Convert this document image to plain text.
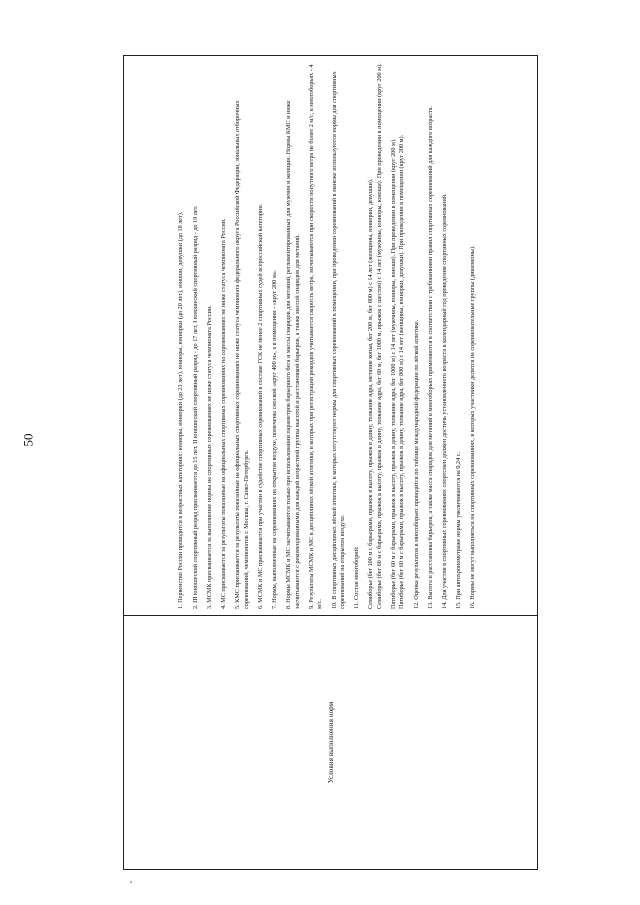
50
Условия выполнения норм	
1. Первенство России проводится в возрастных категориях: юниоры, юниорки (до 23 лет), юниоры, юниорки (до 20 лет), юноши, девушки (до 18 лет). 2. III юношеский спортивный разряд присваивается до 15 лет, II юношеский спортивный разряд - до 17 лет, I юношеский спортивный разряд - до 19 лет. 3. МСМК присваивается за выполнение нормы на спортивных соревнованиях не ниже статуса чемпионата России. 4. МС присваивается за результаты показанные на официальных спортивных соревнованиях на соревнованиях не ниже статуса чемпионата России. 5. КМС присваивается за результаты показанные на официальных спортивных соревнованиях не ниже статуса чемпионата федерального округа Российской Федерации, зональных отборочных соревнований, чемпионатов г. Москвы, г. Санкт-Петербурга. 6. МСМК и МС присваивается при участии в судействе спортивных соревнований в составе ГСК не менее 2 спортивных судей всероссийской категории. 7. Нормы, выполненные на соревнованиях на открытом воздухе, помечены сноской «круг 400 м», а в помещении - «круг 200 м». 8. Нормы МСМК и МС засчитываются только при использовании параметров барьерного бега и массы снарядов для метаний, регламентированных для мужчин и женщин. Нормы КМС и ниже засчитываются с рекомендованными для каждой возрастной группы высотой и расстановкой барьеров, а также массой снарядов для метаний. 9. Результаты МСМК и МС в дисциплинах лёгкой атлетики, в которых при регистрации рекордов учитывается скорость ветра, засчитываются при скорости попутного ветра не более 2 м/с, в многоборьях - 4 м/с. 10. В спортивных дисциплинах лёгкой атлетики, в которых отсутствуют нормы для спортивных соревнований в помещении, при проведении соревнований в манеже используются нормы для спортивных соревнований на открытом воздухе. 11. Состав многоборий: Семиборье (бег 100 м с барьерами, прыжок в высоту, прыжок в длину, толкание ядра, метание копья, бег 200 м, бег 800 м) с 14 лет (женщины, юниорки, девушки). Семиборье (бег 60 м с барьерами, прыжок в высоту, прыжок в длину, толкание ядра, бег 60 м, бег 1000 м, прыжок с шестом) с 14 лет (мужчины, юниоры, юноши). При проведении в помещении (круг 200 м). Пятиборье (бег 60 м с барьерами, прыжок в высоту, прыжок в длину, толкание ядра, бег 1000 м) с 14 лет (мужчины, юниоры, юноши). При проведении в помещении (круг 200 м). Пятиборье (бег 60 м с барьерами, прыжок в высоту, прыжок в длину, толкание ядра, бег 800 м) с 14 лет (женщины, юниорки, девушки). При проведении в помещении (круг 200 м). 12. Оценка результатов в многоборьях проводится по таблице международной федерации по лёгкой атлетике. 13. Высота и расстановка барьеров, а также масса снарядов для метаний в многоборьях применяются в соответствии с требованиями правил спортивных соревнований для каждого возраста. 14. Для участия в спортивных соревнованиях спортсмен должен достичь установленного возраста в календарный год проведения спортивных соревнований. 15. При автохронометраже нормы увеличиваются на 0,24 с. 16. Нормы не могут выполняться на спортивных соревнованиях, в которых участники делятся на соревновательные группы (дивизионы).
